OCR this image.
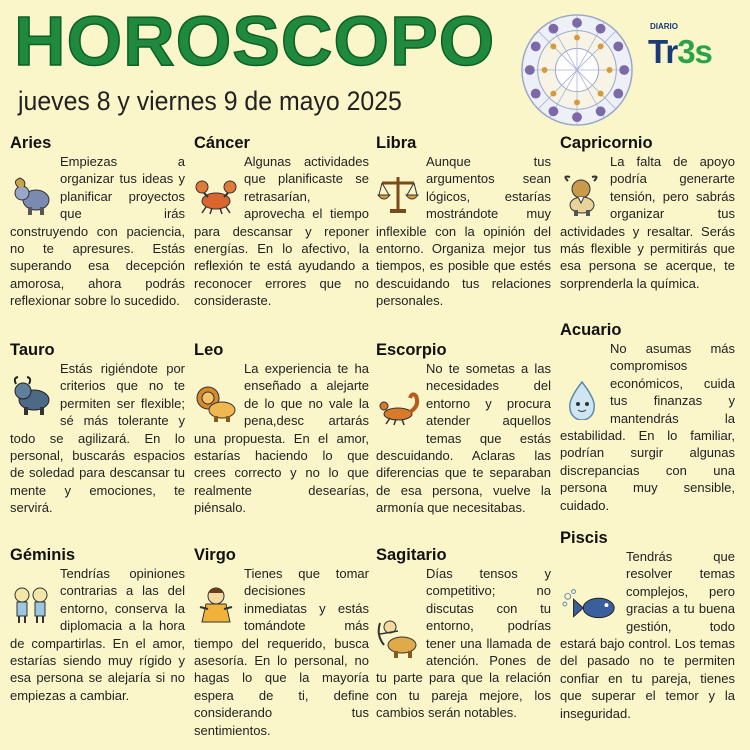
HOROSCOPO
jueves 8 y viernes 9 de mayo 2025
DIARIO
Tr3s
Aries

Empiezas a organizar tus ideas y planificar proyectos que irás construyendo con paciencia, no te apresures. Estás superando esa decepción amorosa, ahora podrás reflexionar sobre lo sucedido.

Tauro

Estás rigiéndote por criterios que no te permiten ser flexible; sé más tolerante y todo se agilizará. En lo personal, buscarás espacios de soledad para descansar tu mente y emociones, te servirá.

Géminis

Tendrías opiniones contrarias a las del entorno, conserva la diplomacia a la hora de compartirlas. En el amor, estarías siendo muy rígido y esa persona se alejaría si no empiezas a cambiar.

Cáncer

Algunas actividades que planificaste se retrasarían, aprovecha el tiempo para descansar y reponer energías. En lo afectivo, la reflexión te está ayudando a reconocer errores que no consideraste.

Leo

La experiencia te ha enseñado a alejarte de lo que no vale la pena,desc artarás una propuesta. En el amor, estarías haciendo lo que crees correcto y no lo que realmente desearías, piénsalo.

Virgo

Tienes que tomar decisiones inmediatas y estás tomándote más tiempo del requerido, busca asesoría. En lo personal, no hagas lo que la mayoría espera de ti, define considerando tus sentimientos.

Libra

Aunque tus argumentos sean lógicos, estarías mostrándote muy inflexible con la opinión del entorno. Organiza mejor tus tiempos, es posible que estés descuidando tus relaciones personales.

Escorpio

No te sometas a las necesidades del entorno y procura atender aquellos temas que estás descuidando. Aclaras las diferencias que te separaban de esa persona, vuelve la armonía que necesitabas.

Sagitario

Días tensos y competitivo; no discutas con tu entorno, podrías tener una llamada de atención. Pones de tu parte para que la relación con tu pareja mejore, los cambios serán notables.

Capricornio

La falta de apoyo podría generarte tensión, pero sabrás organizar tus actividades y resaltar. Serás más flexible y permitirás que esa persona se acerque, te sorprenderla la química.

Acuario

No asumas más compromisos económicos, cuida tus finanzas y mantendrás la estabilidad. En lo familiar, podrían surgir algunas discrepancias con una persona muy sensible, cuidado.

Piscis

Tendrás que resolver temas complejos, pero gracias a tu buena gestión, todo estará bajo control. Los temas del pasado no te permiten confiar en tu pareja, tienes que superar el temor y la inseguridad.
